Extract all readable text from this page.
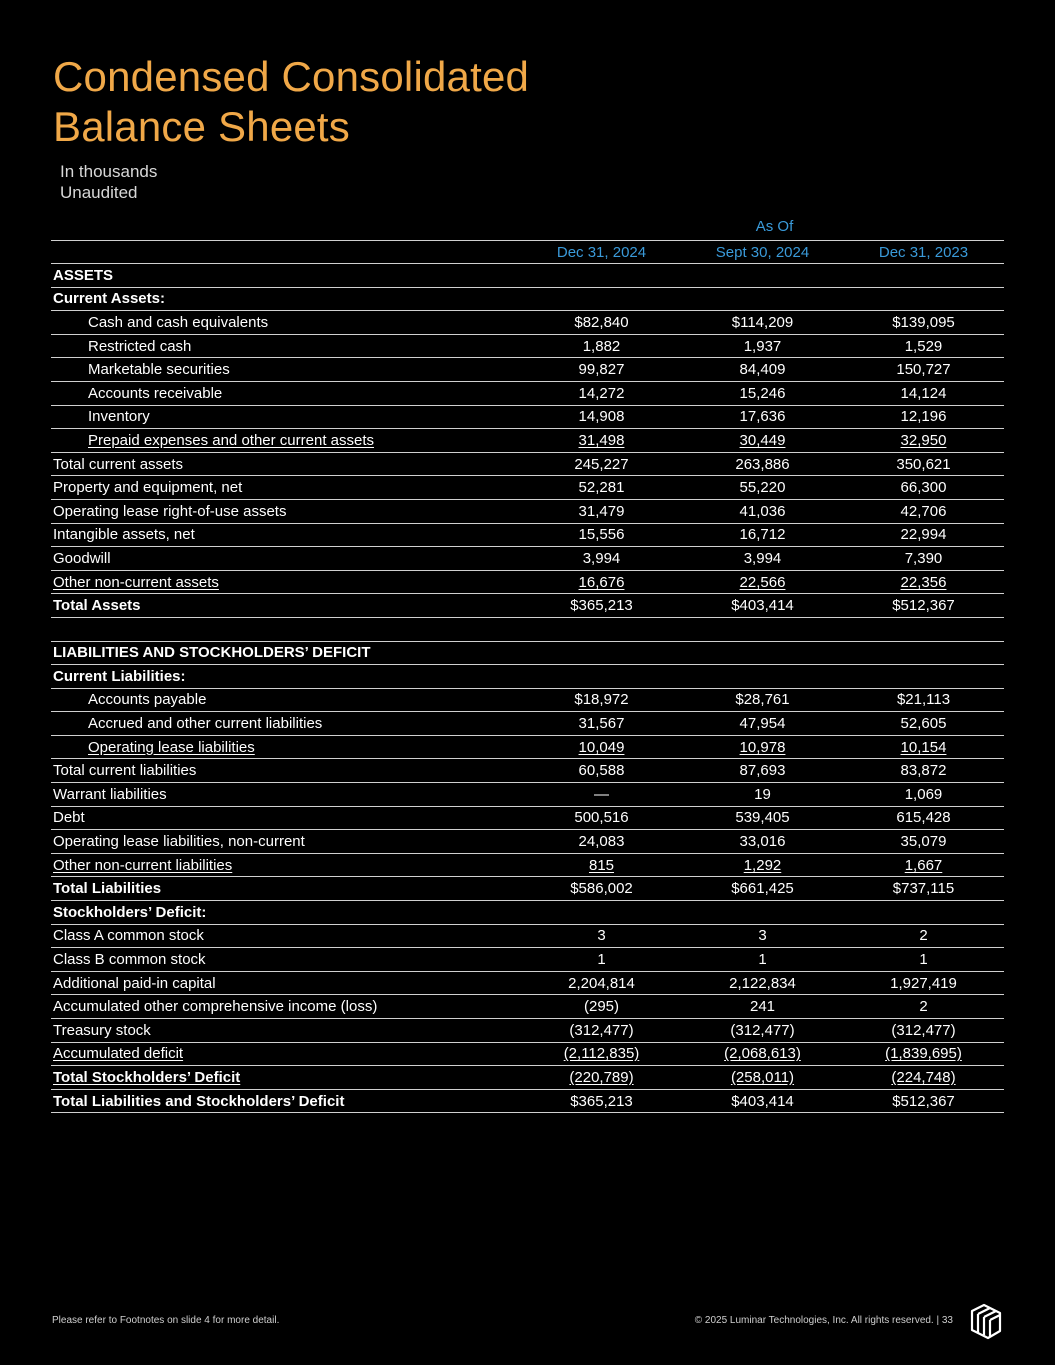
Condensed Consolidated
Balance Sheets
In thousands
Unaudited
As Of
	Dec 31, 2024	Sept 30, 2024	Dec 31, 2023
ASSETS			
Current Assets:			
Cash and cash equivalents	$82,840	$114,209	$139,095
Restricted cash	1,882	1,937	1,529
Marketable securities	99,827	84,409	150,727
Accounts receivable	14,272	15,246	14,124
Inventory	14,908	17,636	12,196
Prepaid expenses and other current assets	31,498	30,449	32,950
Total current assets	245,227	263,886	350,621
Property and equipment, net	52,281	55,220	66,300
Operating lease right-of-use assets	31,479	41,036	42,706
Intangible assets, net	15,556	16,712	22,994
Goodwill	3,994	3,994	7,390
Other non-current assets	16,676	22,566	22,356
Total Assets	$365,213	$403,414	$512,367

LIABILITIES AND STOCKHOLDERS’ DEFICIT			
Current Liabilities:			
Accounts payable	$18,972	$28,761	$21,113
Accrued and other current liabilities	31,567	47,954	52,605
Operating lease liabilities	10,049	10,978	10,154
Total current liabilities	60,588	87,693	83,872
Warrant liabilities	—	19	1,069
Debt	500,516	539,405	615,428
Operating lease liabilities, non-current	24,083	33,016	35,079
Other non-current liabilities	815	1,292	1,667
Total Liabilities	$586,002	$661,425	$737,115
Stockholders’ Deficit:			
Class A common stock	3	3	2
Class B common stock	1	1	1
Additional paid-in capital	2,204,814	2,122,834	1,927,419
Accumulated other comprehensive income (loss)	(295)	241	2
Treasury stock	(312,477)	(312,477)	(312,477)
Accumulated deficit	(2,112,835)	(2,068,613)	(1,839,695)
Total Stockholders’ Deficit	(220,789)	(258,011)	(224,748)
Total Liabilities and Stockholders’ Deficit	$365,213	$403,414	$512,367
Please refer to Footnotes on slide 4 for more detail.	© 2025 Luminar Technologies, Inc. All rights reserved. | 33
